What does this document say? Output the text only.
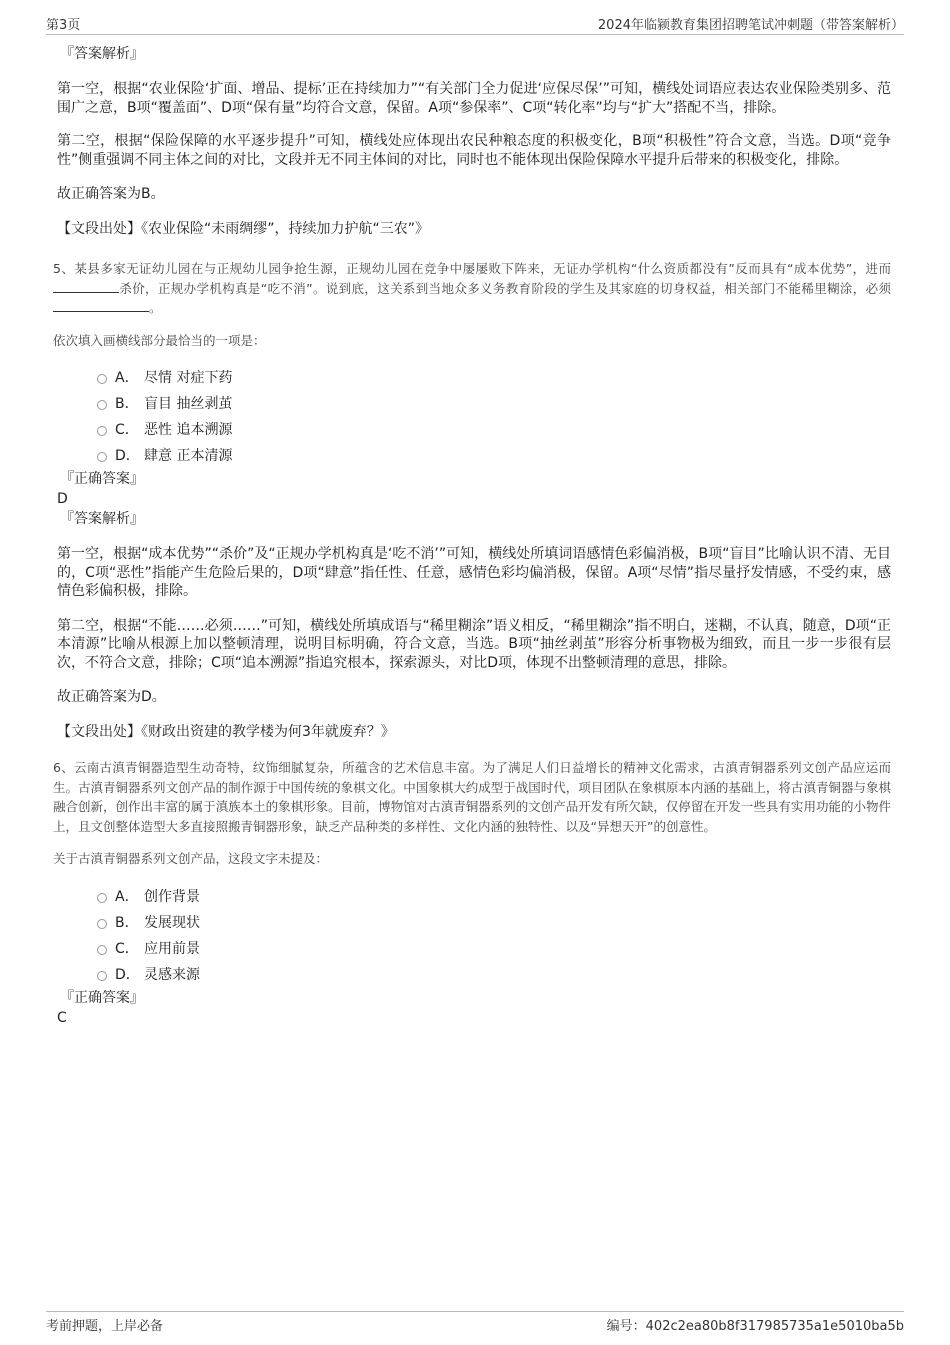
第3页	2024年临颍教育集团招聘笔试冲刺题（带答案解析）

『答案解析』

第一空，根据“农业保险‘扩面、增品、提标’正在持续加力”“有关部门全力促进‘应保尽保’”可知，横线处词语应表达农业保险类别多、范围广之意，B项“覆盖面”、D项“保有量”均符合文意，保留。A项“参保率”、C项“转化率”均与“扩大”搭配不当，排除。

第二空，根据“保险保障的水平逐步提升”可知，横线处应体现出农民种粮态度的积极变化，B项“积极性”符合文意，当选。D项“竞争性”侧重强调不同主体之间的对比，文段并无不同主体间的对比，同时也不能体现出保险保障水平提升后带来的积极变化，排除。

故正确答案为B。

【文段出处】《农业保险“未雨绸缪”，持续加力护航“三农”》

5、某县多家无证幼儿园在与正规幼儿园争抢生源，正规幼儿园在竞争中屡屡败下阵来，无证办学机构“什么资质都没有”反而具有“成本优势”，进而杀价，正规办学机构真是“吃不消”。说到底，这关系到当地众多义务教育阶段的学生及其家庭的切身权益，相关部门不能稀里糊涂，必须。

依次填入画横线部分最恰当的一项是：

A． 尽情 对症下药
B． 盲目 抽丝剥茧
C． 恶性 追本溯源
D． 肆意 正本清源

『正确答案』

D

『答案解析』

第一空，根据“成本优势”“杀价”及“正规办学机构真是‘吃不消’”可知，横线处所填词语感情色彩偏消极，B项“盲目”比喻认识不清、无目的，C项“恶性”指能产生危险后果的，D项“肆意”指任性、任意，感情色彩均偏消极，保留。A项“尽情”指尽量抒发情感，不受约束，感情色彩偏积极，排除。

第二空，根据“不能……必须……”可知，横线处所填成语与“稀里糊涂”语义相反，“稀里糊涂”指不明白，迷糊，不认真，随意，D项“正本清源”比喻从根源上加以整顿清理，说明目标明确，符合文意，当选。B项“抽丝剥茧”形容分析事物极为细致，而且一步一步很有层次，不符合文意，排除；C项“追本溯源”指追究根本，探索源头，对比D项，体现不出整顿清理的意思，排除。

故正确答案为D。

【文段出处】《财政出资建的教学楼为何3年就废弃？》

6、云南古滇青铜器造型生动奇特，纹饰细腻复杂，所蕴含的艺术信息丰富。为了满足人们日益增长的精神文化需求，古滇青铜器系列文创产品应运而生。古滇青铜器系列文创产品的制作源于中国传统的象棋文化。中国象棋大约成型于战国时代，项目团队在象棋原本内涵的基础上，将古滇青铜器与象棋融合创新，创作出丰富的属于滇族本土的象棋形象。目前，博物馆对古滇青铜器系列的文创产品开发有所欠缺，仅停留在开发一些具有实用功能的小物件上，且文创整体造型大多直接照搬青铜器形象，缺乏产品种类的多样性、文化内涵的独特性、以及“异想天开”的创意性。

关于古滇青铜器系列文创产品，这段文字未提及：

A． 创作背景
B． 发展现状
C． 应用前景
D． 灵感来源

『正确答案』

C

考前押题，上岸必备	编号：402c2ea80b8f317985735a1e5010ba5b
